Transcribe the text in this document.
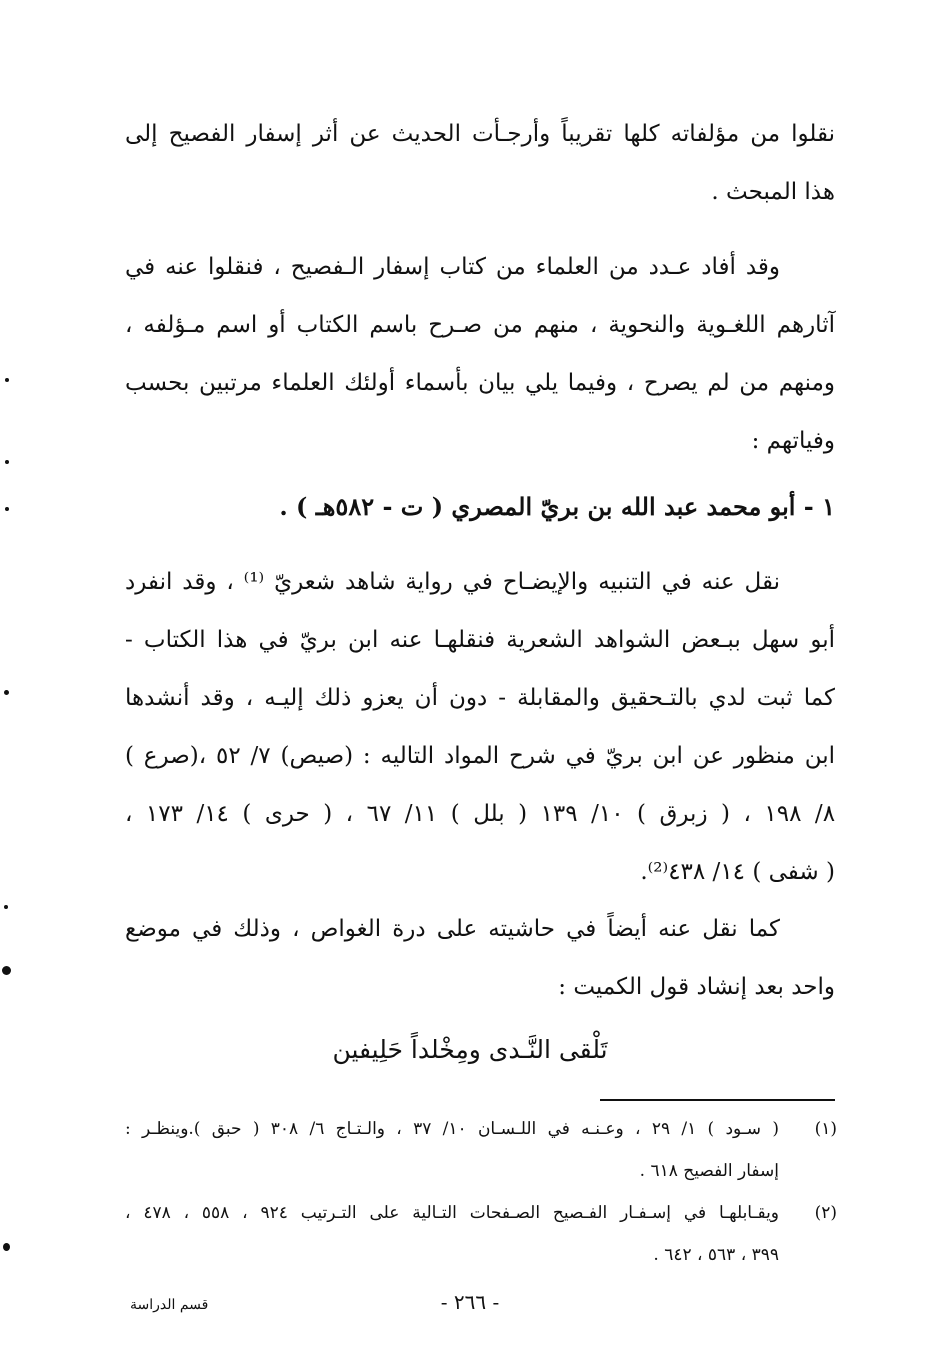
نقلوا من مؤلفاته كلها تقريباً وأرجـأت الحديث عن أثر إسفار الفصيح إلى
هذا المبحث .
وقد أفاد عـدد من العلماء من كتاب إسفار الـفصيح ، فنقلوا عنه في
آثارهم اللغـوية والنحوية ، منهم من صـرح باسم الكتاب أو اسم مـؤلفه ،
ومنهم من لم يصرح ، وفيما يلي بيان بأسماء أولئك العلماء مرتبين بحسب
وفياتهم :
١ - أبو محمد عبد الله بن بريّ المصري ( ت - ٥٨٢هـ ) .
نقل عنه في التنبيه والإيضـاح في رواية شاهد شعريّ ⁽¹⁾ ، وقد انفرد
أبو سهل ببـعض الشواهد الشعرية فنقلهـا عنه ابن بريّ في هذا الكتاب -
كما ثبت لدي بالتـحقيق والمقابلة - دون أن يعزو ذلك إليـه ، وقد أنشدها
ابن منظور عن ابن بريّ في شرح المواد التاليه : (صيص) ٧/ ٥٢ ،(صرع )
٨/ ١٩٨ ، ( زبرق ) ١٠/ ١٣٩ ( بلل ) ١١/ ٦٧ ، ( حرى ) ١٤/ ١٧٣ ،
( شفى ) ١٤/ ٤٣٨⁽²⁾.
كما نقل عنه أيضاً في حاشيته على درة الغواص ، وذلك في موضع
واحد بعد إنشاد قول الكميت :
تَلْقى النَّـدى ومِخْلداً حَلِيفين
(١)
( سـود ) ١/ ٢٩ ، وعـنـه في اللـسـان ١٠/ ٣٧ ، والـتـاج ٦/ ٣٠٨ ( حبق ).وينظـر :
إسفار الفصيح ٦١٨ .
(٢)
ويقـابلهـا في إسـفـار الفـصيح الصـفحات التـالية على التـرتيب ٩٢٤ ، ٥٥٨ ، ٤٧٨ ،
٣٩٩ ، ٥٦٣ ، ٦٤٢ .
قسم الدراسة	- ٢٦٦ -
